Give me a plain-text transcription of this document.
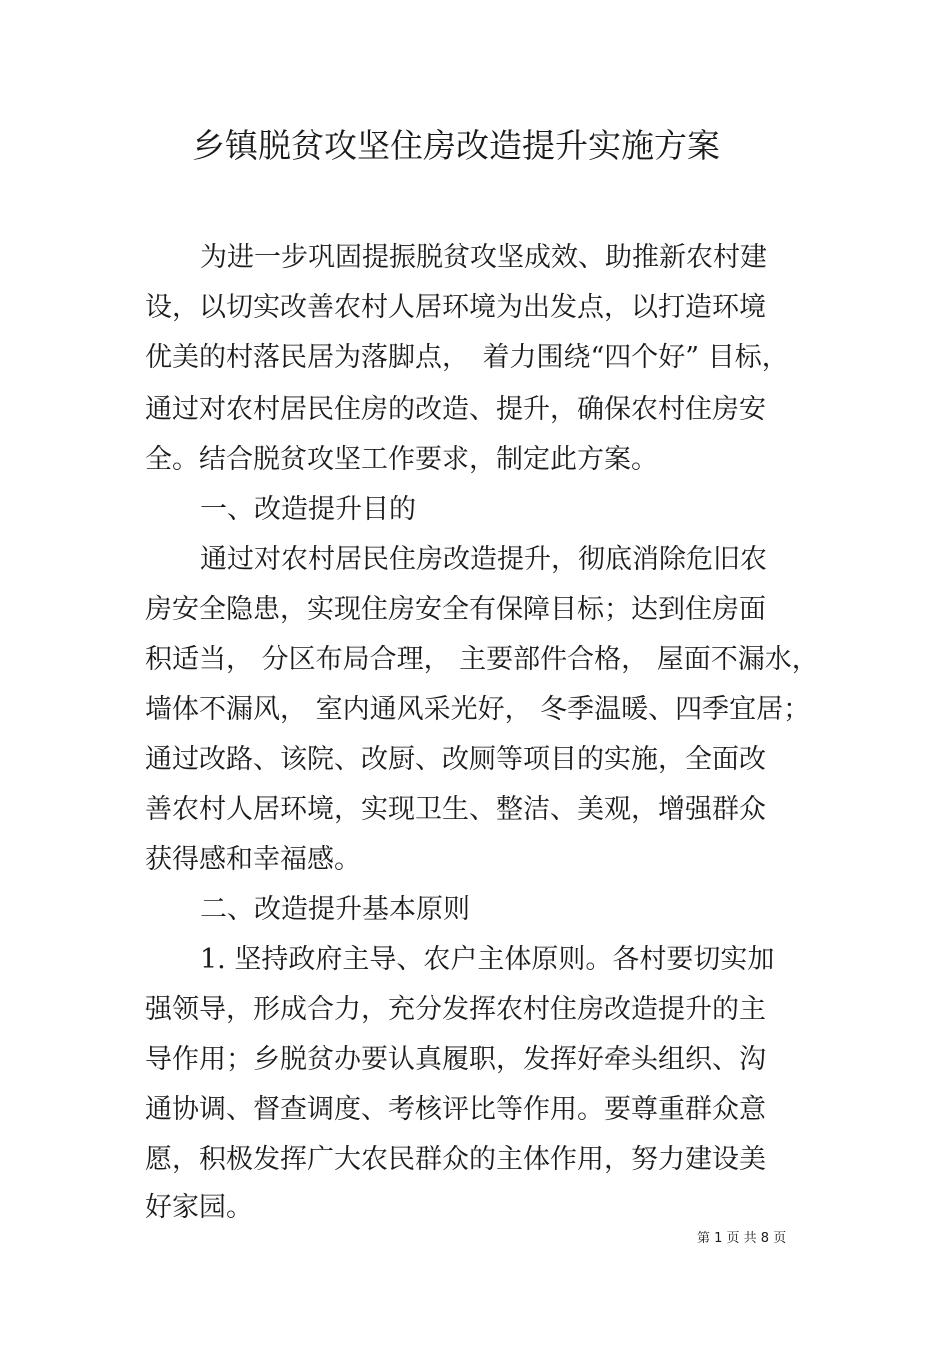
乡镇脱贫攻坚住房改造提升实施方案
为进一步巩固提振脱贫攻坚成效、助推新农村建
设，以切实改善农村人居环境为出发点，以打造环境
优美的村落民居为落脚点，　着力围绕“四个好” 目标，
通过对农村居民住房的改造、提升，确保农村住房安
全。结合脱贫攻坚工作要求，制定此方案。
一、改造提升目的
通过对农村居民住房改造提升，彻底消除危旧农
房安全隐患，实现住房安全有保障目标；达到住房面
积适当， 分区布局合理， 主要部件合格， 屋面不漏水，
墙体不漏风， 室内通风采光好， 冬季温暖、四季宜居；
通过改路、该院、改厨、改厕等项目的实施，全面改
善农村人居环境，实现卫生、整洁、美观，增强群众
获得感和幸福感。
二、改造提升基本原则
1. 坚持政府主导、农户主体原则。各村要切实加
强领导，形成合力，充分发挥农村住房改造提升的主
导作用；乡脱贫办要认真履职，发挥好牵头组织、沟
通协调、督查调度、考核评比等作用。要尊重群众意
愿，积极发挥广大农民群众的主体作用，努力建设美
好家园。
第 1 页 共 8 页
